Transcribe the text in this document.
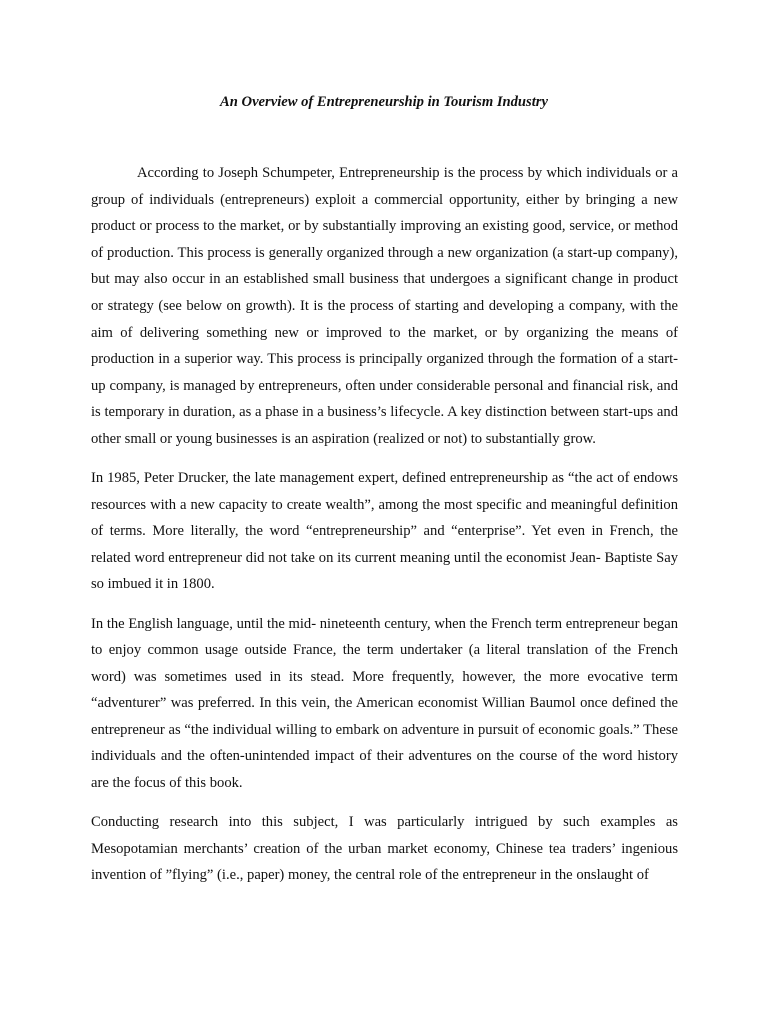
An Overview of Entrepreneurship in Tourism Industry

According to Joseph Schumpeter, Entrepreneurship is the process by which individuals or a group of individuals (entrepreneurs) exploit a commercial opportunity, either by bringing a new product or process to the market, or by substantially improving an existing good, service, or method of production. This process is generally organized through a new organization (a start-up company), but may also occur in an established small business that undergoes a significant change in product or strategy (see below on growth). It is the process of starting and developing a company, with the aim of delivering something new or improved to the market, or by organizing the means of production in a superior way. This process is principally organized through the formation of a start-up company, is managed by entrepreneurs, often under considerable personal and financial risk, and is temporary in duration, as a phase in a business’s lifecycle. A key distinction between start-ups and other small or young businesses is an aspiration (realized or not) to substantially grow.

In 1985, Peter Drucker, the late management expert, defined entrepreneurship as “the act of endows resources with a new capacity to create wealth”, among the most specific and meaningful definition of terms. More literally, the word “entrepreneurship” and “enterprise”. Yet even in French, the related word entrepreneur did not take on its current meaning until the economist Jean- Baptiste Say so imbued it in 1800.

In the English language, until the mid- nineteenth century, when the French term entrepreneur began to enjoy common usage outside France, the term undertaker (a literal translation of the French word) was sometimes used in its stead. More frequently, however, the more evocative term “adventurer” was preferred. In this vein, the American economist Willian Baumol once defined the entrepreneur as “the individual willing to embark on adventure in pursuit of economic goals.” These individuals and the often-unintended impact of their adventures on the course of the word history are the focus of this book.

Conducting research into this subject, I was particularly intrigued by such examples as Mesopotamian merchants’ creation of the urban market economy, Chinese tea traders’ ingenious invention of ”flying” (i.e., paper) money, the central role of the entrepreneur in the onslaught of
